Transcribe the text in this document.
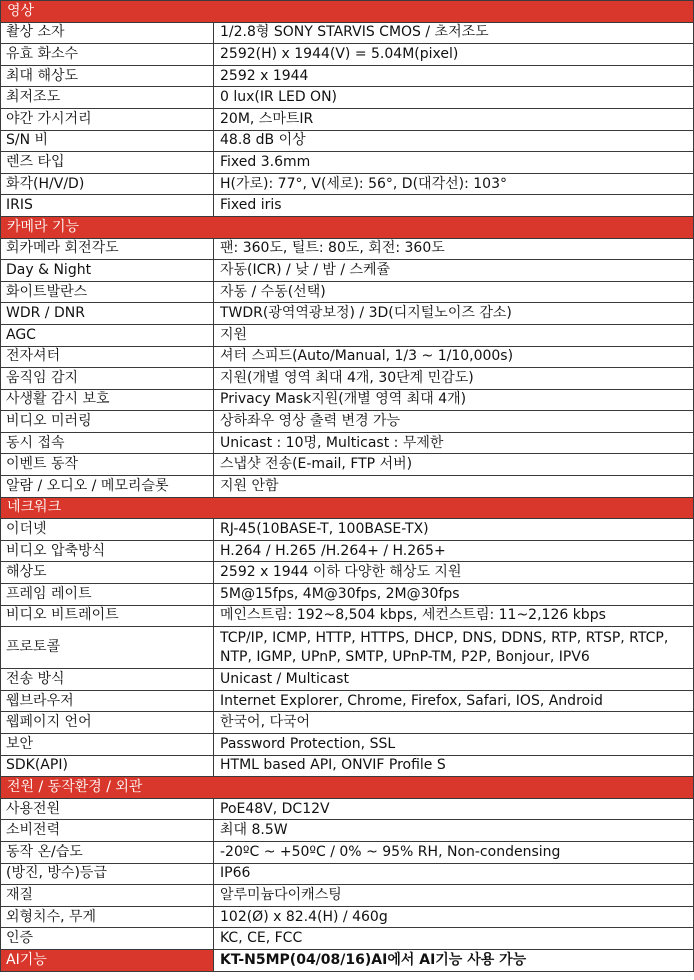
영상	
촬상 소자	1/2.8형 SONY STARVIS CMOS / 초저조도
유효 화소수	2592(H) x 1944(V) = 5.04M(pixel)
최대 해상도	2592 x 1944
최저조도	0 lux(IR LED ON)
야간 가시거리	20M, 스마트IR
S/N 비	48.8 dB 이상
렌즈 타입	Fixed 3.6mm
화각(H/V/D)	H(가로): 77°, V(세로): 56°, D(대각선): 103°
IRIS	Fixed iris
카메라 기능	
회카메라 회전각도	팬: 360도, 틸트: 80도, 회전: 360도
Day & Night	자동(ICR) / 낮 / 밤 / 스케쥴
화이트발란스	자동 / 수동(선택)
WDR / DNR	TWDR(광역역광보정) / 3D(디지털노이즈 감소)
AGC	지원
전자셔터	셔터 스피드(Auto/Manual, 1/3 ~ 1/10,000s)
움직임 감지	지원(개별 영역 최대 4개, 30단계 민감도)
사생활 감시 보호	Privacy Mask지원(개별 영역 최대 4개)
비디오 미러링	상하좌우 영상 출력 변경 가능
동시 접속	Unicast : 10명, Multicast : 무제한
이벤트 동작	스냅샷 전송(E-mail, FTP 서버)
알람 / 오디오 / 메모리슬롯	지원 안함
네크워크	
이더넷	RJ-45(10BASE-T, 100BASE-TX)
비디오 압축방식	H.264 / H.265 /H.264+ / H.265+
해상도	2592 x 1944 이하 다양한 해상도 지원
프레임 레이트	5M@15fps, 4M@30fps, 2M@30fps
비디오 비트레이트	메인스트림: 192~8,504 kbps, 세컨스트림: 11~2,126 kbps
프로토콜	TCP/IP, ICMP, HTTP, HTTPS, DHCP, DNS, DDNS, RTP, RTSP, RTCP, NTP, IGMP, UPnP, SMTP, UPnP-TM, P2P, Bonjour, IPV6
전송 방식	Unicast / Multicast
웹브라우저	Internet Explorer, Chrome, Firefox, Safari, IOS, Android
웹페이지 언어	한국어, 다국어
보안	Password Protection, SSL
SDK(API)	HTML based API, ONVIF Profile S
전원 / 동작환경 / 외관	
사용전원	PoE48V, DC12V
소비전력	최대 8.5W
동작 온/습도	-20ºC ~ +50ºC / 0% ~ 95% RH, Non-condensing
(방진, 방수)등급	IP66
재질	알루미늄다이캐스팅
외형치수, 무게	102(Ø) x 82.4(H) / 460g
인증	KC, CE, FCC
AI기능	KT-N5MP(04/08/16)AI에서 AI기능 사용 가능
